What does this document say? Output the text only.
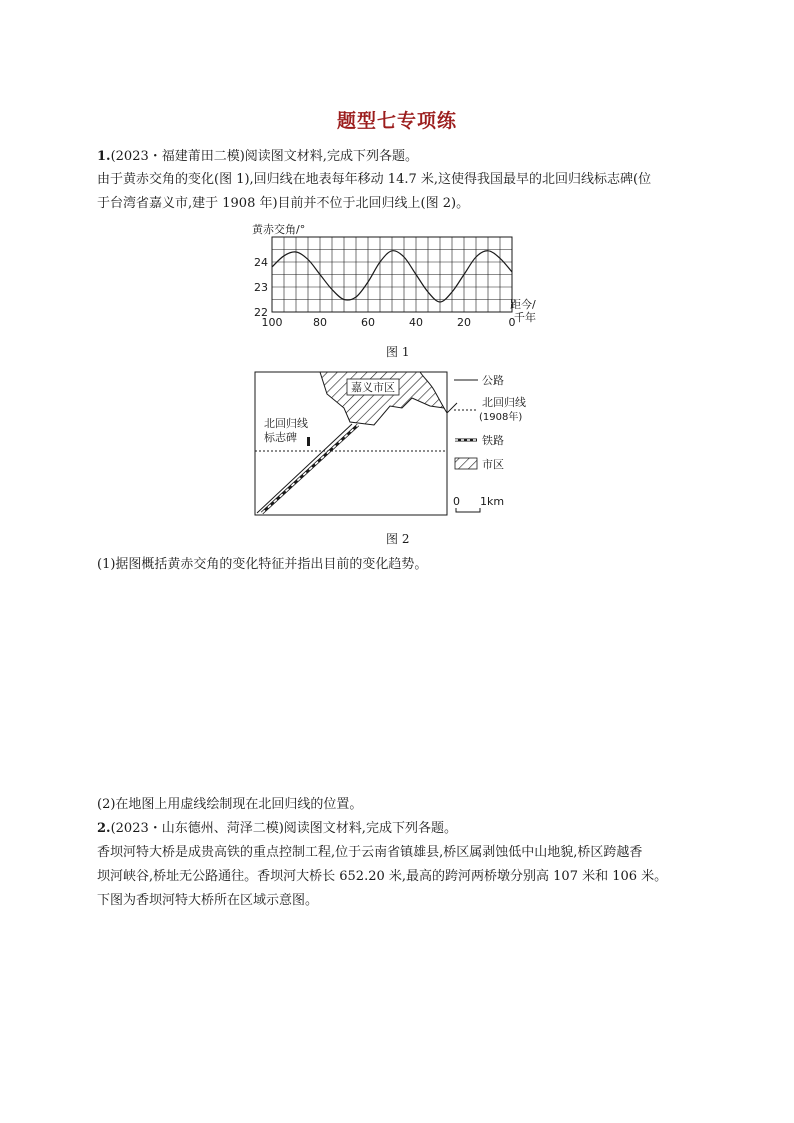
题型七专项练
1.(2023・福建莆田二模)阅读图文材料,完成下列各题。
由于黄赤交角的变化(图 1),回归线在地表每年移动 14.7 米,这使得我国最早的北回归线标志碑(位
于台湾省嘉义市,建于 1908 年)目前并不位于北回归线上(图 2)。
黄赤交角/°
22
23
24
100	80	60	40	20	0
距今/
千年
图 1
嘉义市区
北回归线
标志碑
公路
北回归线
(1908年)
铁路
市区
0 1km
图 2
(1)据图概括黄赤交角的变化特征并指出目前的变化趋势。
(2)在地图上用虚线绘制现在北回归线的位置。
2.(2023・山东德州、菏泽二模)阅读图文材料,完成下列各题。
香坝河特大桥是成贵高铁的重点控制工程,位于云南省镇雄县,桥区属剥蚀低中山地貌,桥区跨越香
坝河峡谷,桥址无公路通往。香坝河大桥长 652.20 米,最高的跨河两桥墩分别高 107 米和 106 米。
下图为香坝河特大桥所在区域示意图。
